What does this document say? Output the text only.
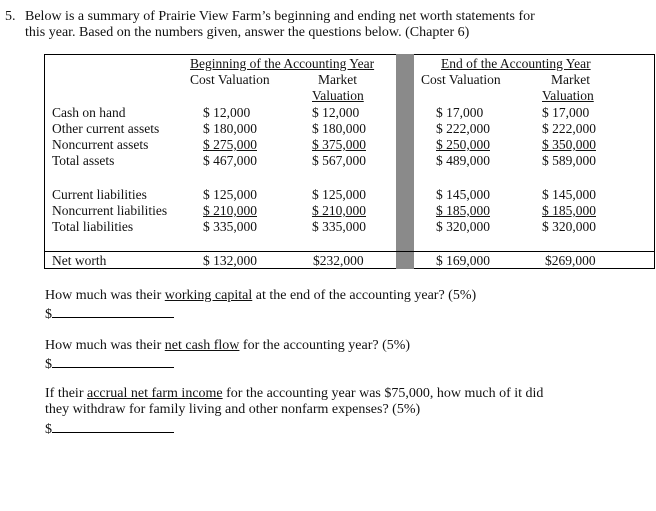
5. Below is a summary of Prairie View Farm’s beginning and ending net worth statements for
this year. Based on the numbers given, answer the questions below. (Chapter 6)
Beginning of the Accounting Year
Cost Valuation	Market
Valuation
End of the Accounting Year
Cost Valuation	Market
Valuation
Cash on hand	$ 12,000	$ 12,000	$ 17,000	$ 17,000
Other current assets	$ 180,000	$ 180,000	$ 222,000	$ 222,000
Noncurrent assets	$ 275,000	$ 375,000	$ 250,000	$ 350,000
Total assets	$ 467,000	$ 567,000	$ 489,000	$ 589,000
Current liabilities	$ 125,000	$ 125,000	$ 145,000	$ 145,000
Noncurrent liabilities	$ 210,000	$ 210,000	$ 185,000	$ 185,000
Total liabilities	$ 335,000	$ 335,000	$ 320,000	$ 320,000
Net worth	$ 132,000	$232,000	$ 169,000	$269,000
How much was their working capital at the end of the accounting year? (5%)
$
How much was their net cash flow for the accounting year? (5%)
$
If their accrual net farm income for the accounting year was $75,000, how much of it did
they withdraw for family living and other nonfarm expenses? (5%)
$
